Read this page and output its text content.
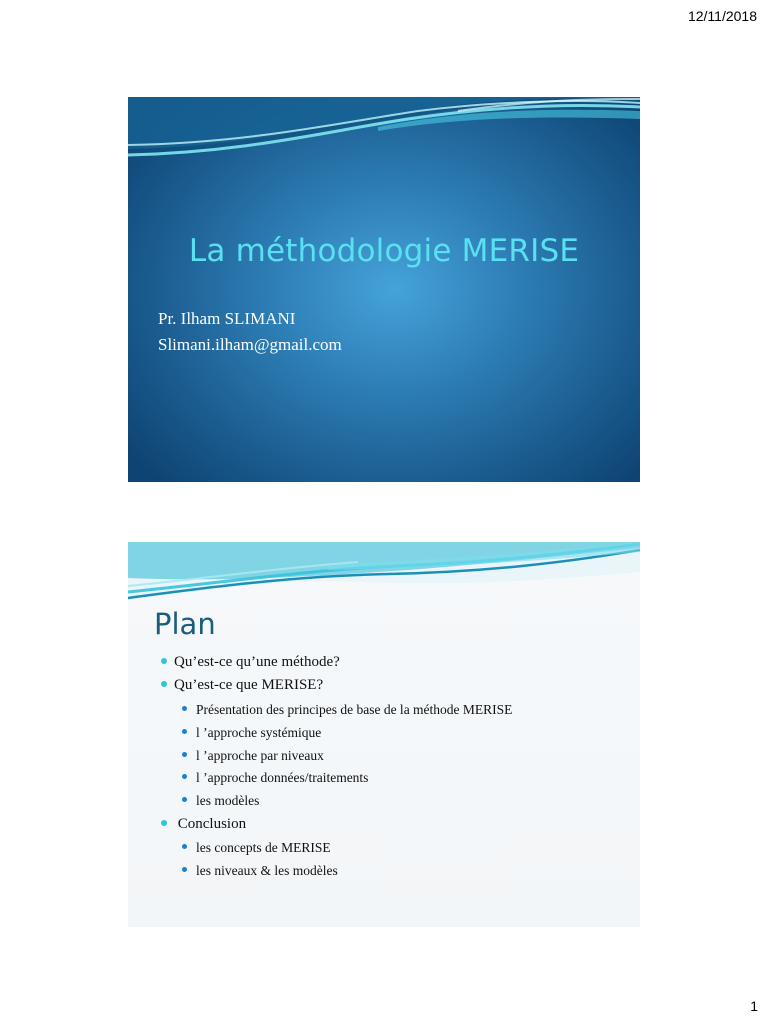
12/11/2018
La méthodologie MERISE
Pr. Ilham SLIMANI
Slimani.ilham@gmail.com
Plan
Qu’est-ce qu’une méthode?
Qu’est-ce que MERISE?
Présentation des principes de base de la méthode MERISE
l ’approche systémique
l ’approche par niveaux
l ’approche données/traitements
les modèles
Conclusion
les concepts de MERISE
les niveaux & les modèles
1
